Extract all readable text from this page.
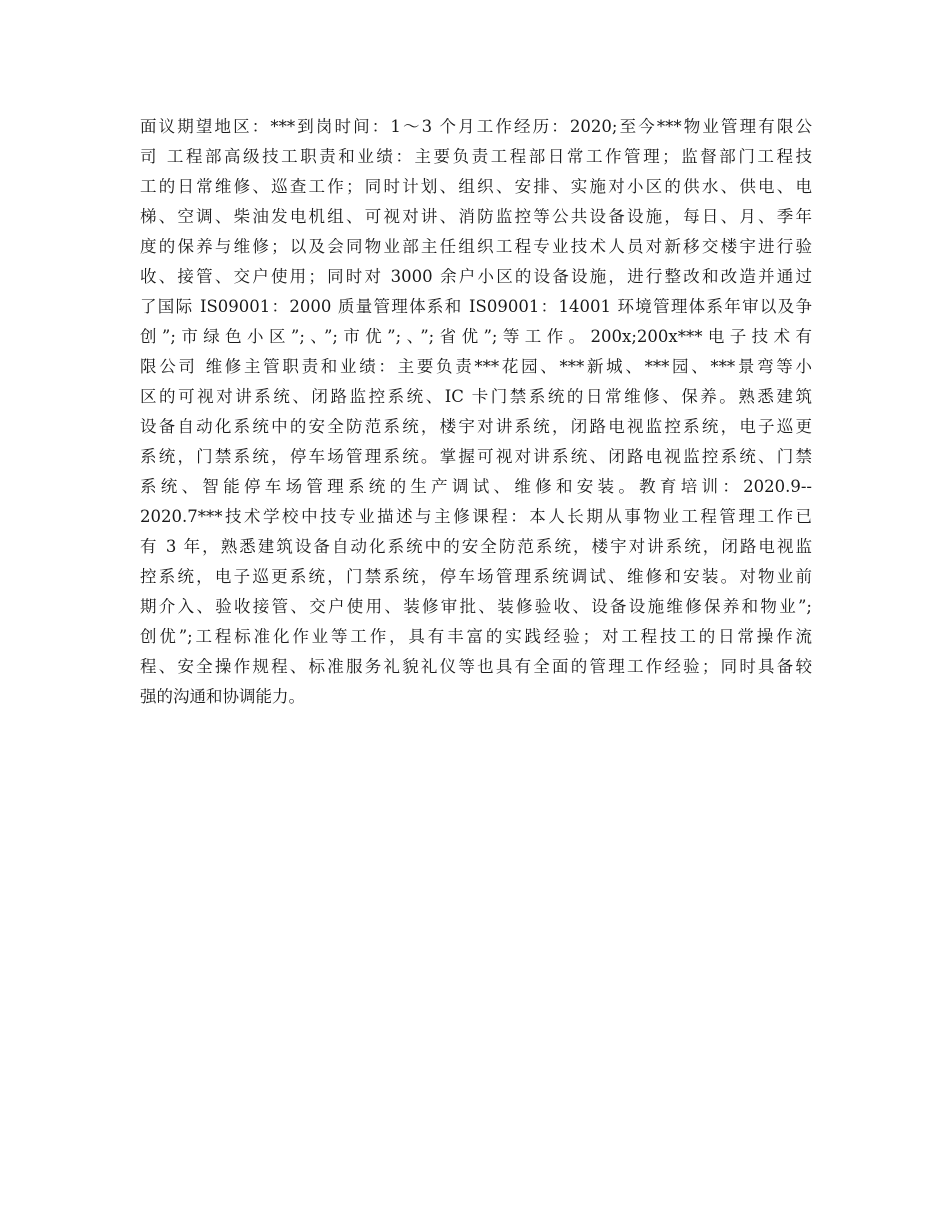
面议期望地区：***到岗时间：1～3 个月工作经历：2020;至今***物业管理有限公
司 工程部高级技工职责和业绩：主要负责工程部日常工作管理；监督部门工程技
工的日常维修、巡查工作；同时计划、组织、安排、实施对小区的供水、供电、电
梯、空调、柴油发电机组、可视对讲、消防监控等公共设备设施，每日、月、季年
度的保养与维修；以及会同物业部主任组织工程专业技术人员对新移交楼宇进行验
收、接管、交户使用；同时对 3000 余户小区的设备设施，进行整改和改造并通过
了国际 IS09001：2000 质量管理体系和 IS09001：14001 环境管理体系年审以及争
创”;市绿色小区”;、”;市优”;、”;省优”;等工作。200x;200x***电子技术有
限公司 维修主管职责和业绩：主要负责***花园、***新城、***园、***景弯等小
区的可视对讲系统、闭路监控系统、IC 卡门禁系统的日常维修、保养。熟悉建筑
设备自动化系统中的安全防范系统，楼宇对讲系统，闭路电视监控系统，电子巡更
系统，门禁系统，停车场管理系统。掌握可视对讲系统、闭路电视监控系统、门禁
系统、智能停车场管理系统的生产调试、维修和安装。教育培训：2020.9--
2020.7***技术学校中技专业描述与主修课程：本人长期从事物业工程管理工作已
有 3 年，熟悉建筑设备自动化系统中的安全防范系统，楼宇对讲系统，闭路电视监
控系统，电子巡更系统，门禁系统，停车场管理系统调试、维修和安装。对物业前
期介入、验收接管、交户使用、装修审批、装修验收、设备设施维修保养和物业”;
创优”;工程标准化作业等工作，具有丰富的实践经验；对工程技工的日常操作流
程、安全操作规程、标准服务礼貌礼仪等也具有全面的管理工作经验；同时具备较
强的沟通和协调能力。
